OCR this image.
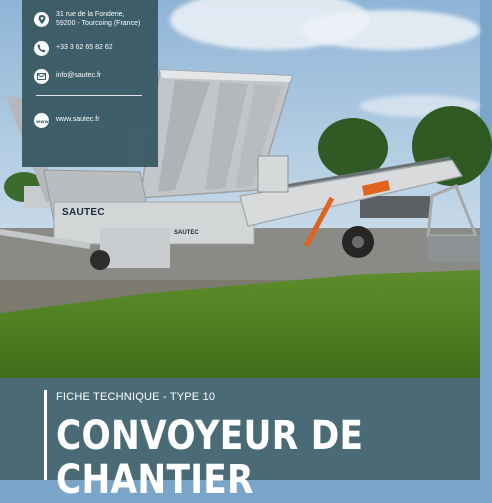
SAUTEC
SAUTEC
31 rue de la Fonderie,
59200 - Tourcoing (France)
+33 3 62 65 82 62
info@sautec.fr
www www.sautec.fr
FICHE TECHNIQUE - TYPE 10
CONVOYEUR DE
CHANTIER
